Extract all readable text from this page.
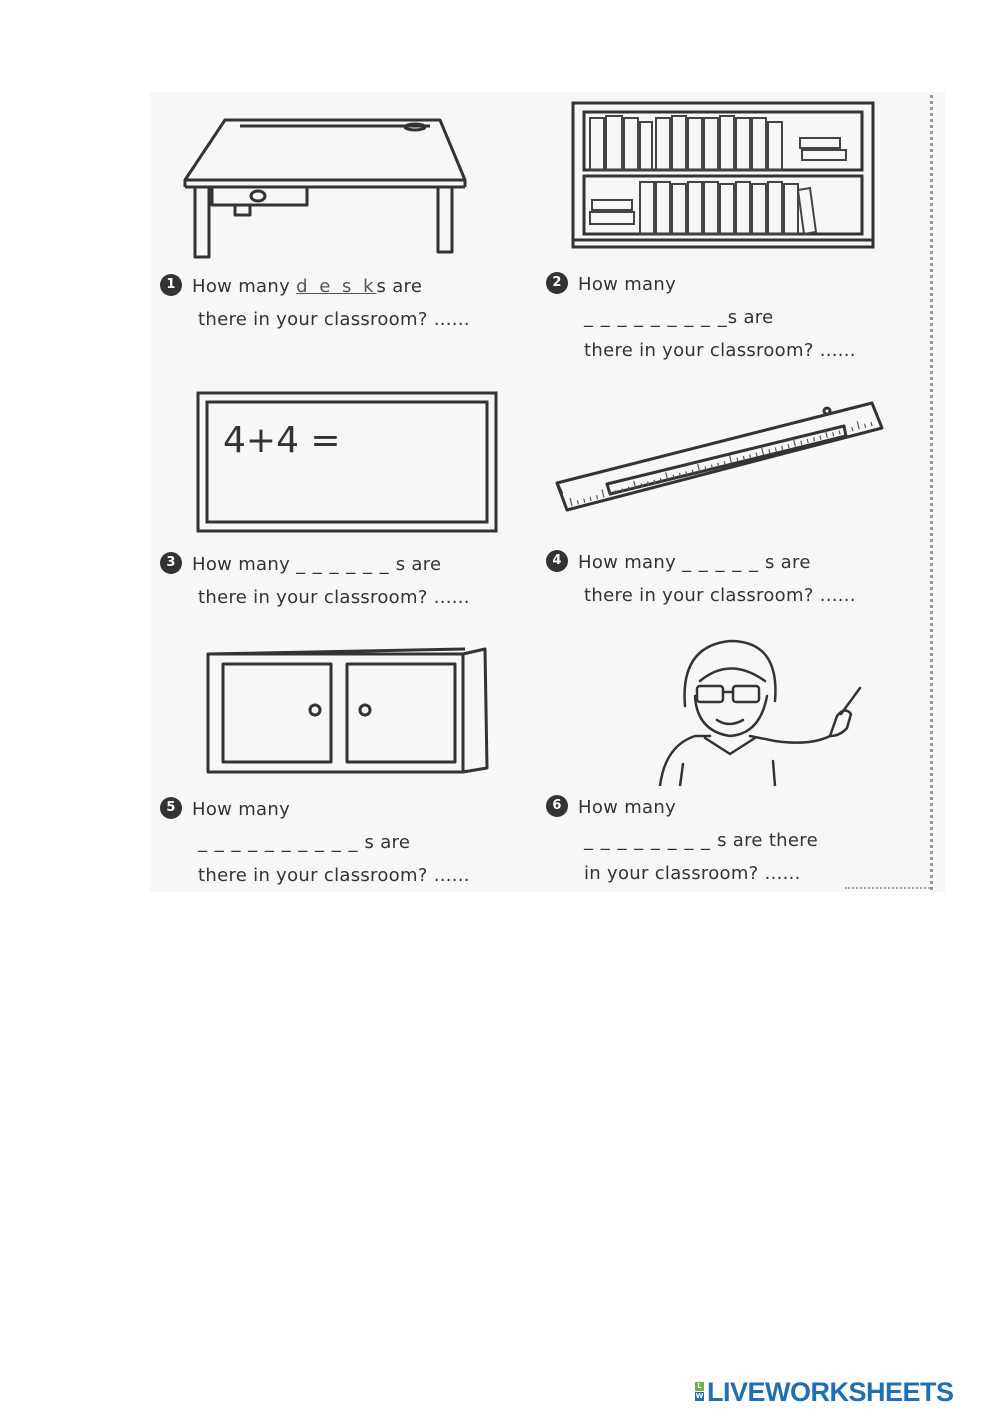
4+4 =
1 How many d e s ks are
there in your classroom? ......
2 How many
_ _ _ _ _ _ _ _ _s are
there in your classroom? ......
3 How many _ _ _ _ _ _ s are
there in your classroom? ......
4 How many _ _ _ _ _ s are
there in your classroom? ......
5 How many
_ _ _ _ _ _ _ _ _ _ s are
there in your classroom? ......
6 How many
_ _ _ _ _ _ _ _ s are there
in your classroom? ......
L
W LIVEWORKSHEETS
